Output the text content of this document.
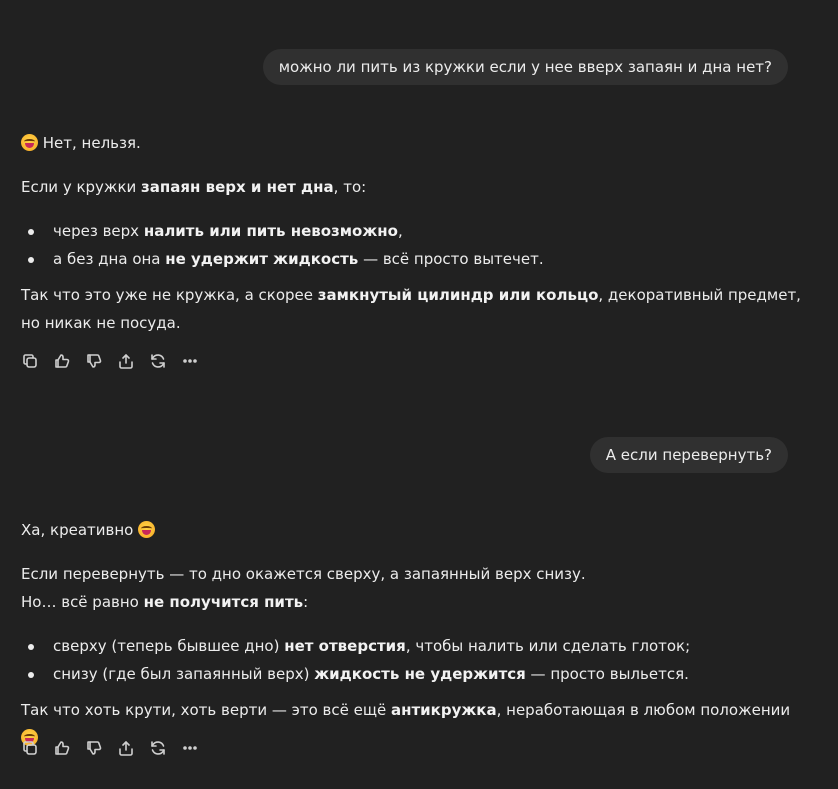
можно ли пить из кружки если у нее вверх запаян и дна нет?

Нет, нельзя.

Если у кружки запаян верх и нет дна, то:

через верх налить или пить невозможно,
а без дна она не удержит жидкость — всё просто вытечет.

Так что это уже не кружка, а скорее замкнутый цилиндр или кольцо, декоративный предмет, но никак не посуда.

А если перевернуть?

Ха, креативно

Если перевернуть — то дно окажется сверху, а запаянный верх снизу.
Но… всё равно не получится пить:

сверху (теперь бывшее дно) нет отверстия, чтобы налить или сделать глоток;
снизу (где был запаянный верх) жидкость не удержится — просто выльется.

Так что хоть крути, хоть верти — это всё ещё антикружка, неработающая в любом положении
